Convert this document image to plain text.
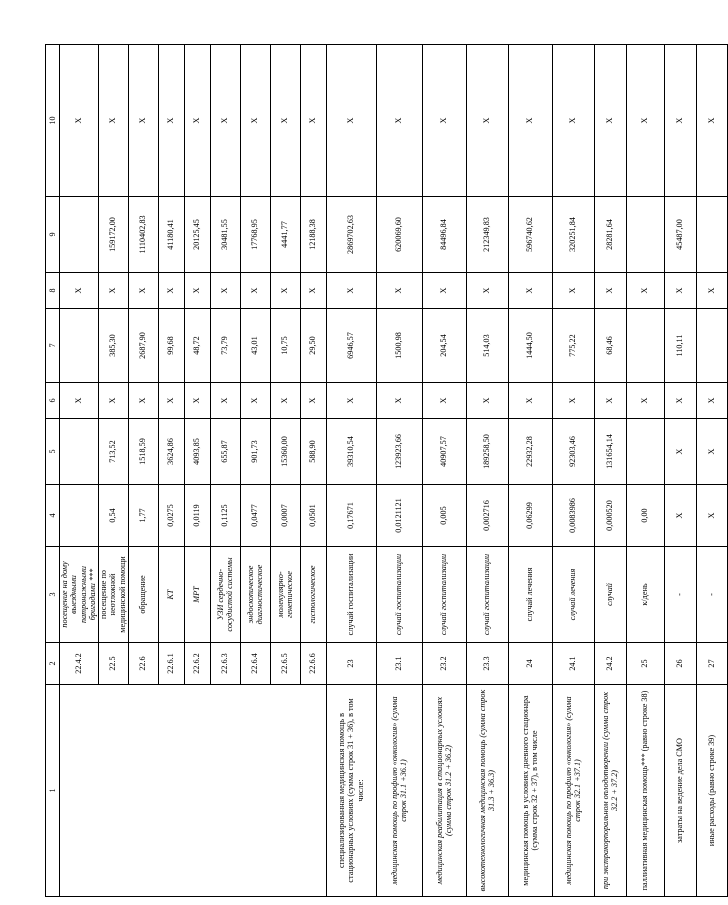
1	2	3	4	5	6	7	8	9	10
	22.4.2	посещение на дому выездными патронажными бригадами ***			X		X		X
	22.5	посещение по неотложной медицинской помощи	0,54	713,52	X	385,30	X	159172,00	X
	22.6	обращение	1,77	1518,59	X	2687,90	X	1110402,83	X
	22.6.1	КТ	0,0275	3624,86	X	99,68	X	41180,41	X
	22.6.2	МРТ	0,0119	4093,85	X	48,72	X	20125,45	X
	22.6.3	УЗИ сердечно-сосудистой системы	0,1125	655,87	X	73,79	X	30481,55	X
	22.6.4	эндоскопическое диагностическое	0,0477	901,73	X	43,01	X	17768,95	X
	22.6.5	молекулярно-генетическое	0,0007	15360,00	X	10,75	X	4441,77	X
	22.6.6	гистологическое	0,0501	588,90	X	29,50	X	12188,38	X
специализированная медицинская помощь в стационарных условиях (сумма строк 31 + 36), в том числе:	23	случай госпитализации	0,17671	39310,54	X	6946,57	X	2869702,63	X
медицинская помощь по профилю «онкология» (сумма строк 31.1 +36.1)	23.1	случай госпитализации	0,0121121	123923,66	X	1500,98	X	620069,60	X
медицинская реабилитация в стационарных условиях (сумма строк 31.2 + 36.2)	23.2	случай госпитализации	0,005	40907,57	X	204,54	X	84496,84	X
высокотехнологичная медицинская помощь (сумма строк 31.3 + 36.3)	23.3	случай госпитализации	0,002716	189258,50	X	514,03	X	212349,83	X
медицинская помощь в условиях дневного стационара (сумма строк 32 + 37), в том числе	24	случай лечения	0,06299	22932,28	X	1444,50	X	596740,62	X
медицинская помощь по профилю «онкология» (сумма строк 32.1 +37.1)	24.1	случай лечения	0,0083986	92303,46	X	775,22	X	320251,84	X
при экстракорпоральном оплодотворении (сумма строк 32.2 + 37.2)	24.2	случай	0,000520	131654,14	X	68,46	X	28281,64	X
паллиативная медицинская помощь*** (равно строке 38)	25	к/день	0,00		X		X		X
затраты на ведение дела СМО	26	-	X	X	X	110,11	X	45487,00	X
иные расходы (равно строке 39)	27	-	X	X	X		X		X
